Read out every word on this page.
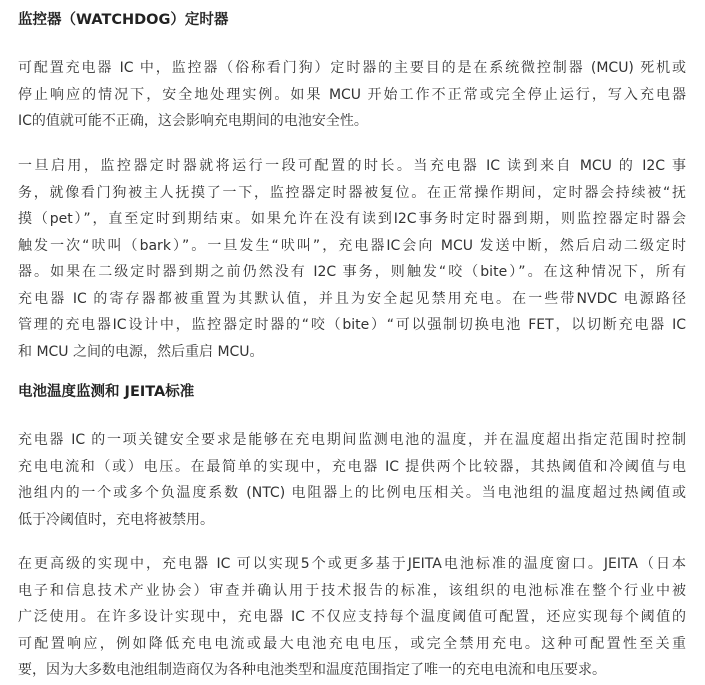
监控器（WATCHDOG）定时器

可配置充电器 IC 中，监控器（俗称看门狗）定时器的主要目的是在系统微控制器 (MCU) 死机或
停止响应的情况下，安全地处理实例。如果 MCU 开始工作不正常或完全停止运行，写入充电器
IC的值就可能不正确，这会影响充电期间的电池安全性。

一旦启用，监控器定时器就将运行一段可配置的时长。当充电器 IC 读到来自 MCU 的 I2C 事
务，就像看门狗被主人抚摸了一下，监控器定时器被复位。在正常操作期间，定时器会持续被“抚
摸（pet）”，直至定时到期结束。如果允许在没有读到I2C事务时定时器到期，则监控器定时器会
触发一次“吠叫（bark）”。一旦发生“吠叫”，充电器IC会向 MCU 发送中断，然后启动二级定时
器。如果在二级定时器到期之前仍然没有 I2C 事务，则触发“咬（bite）”。在这种情况下，所有
充电器 IC 的寄存器都被重置为其默认值，并且为安全起见禁用充电。在一些带NVDC 电源路径
管理的充电器IC设计中，监控器定时器的“咬（bite）“可以强制切换电池 FET，以切断充电器 IC
和 MCU 之间的电源，然后重启 MCU。

电池温度监测和 JEITA标准

充电器 IC 的一项关键安全要求是能够在充电期间监测电池的温度，并在温度超出指定范围时控制
充电电流和（或）电压。在最简单的实现中，充电器 IC 提供两个比较器，其热阈值和冷阈值与电
池组内的一个或多个负温度系数 (NTC) 电阻器上的比例电压相关。当电池组的温度超过热阈值或
低于冷阈值时，充电将被禁用。

在更高级的实现中，充电器 IC 可以实现5个或更多基于JEITA电池标准的温度窗口。JEITA（日本
电子和信息技术产业协会）审查并确认用于技术报告的标准，该组织的电池标准在整个行业中被
广泛使用。在许多设计实现中，充电器 IC 不仅应支持每个温度阈值可配置，还应实现每个阈值的
可配置响应，例如降低充电电流或最大电池充电电压，或完全禁用充电。这种可配置性至关重
要，因为大多数电池组制造商仅为各种电池类型和温度范围指定了唯一的充电电流和电压要求。
